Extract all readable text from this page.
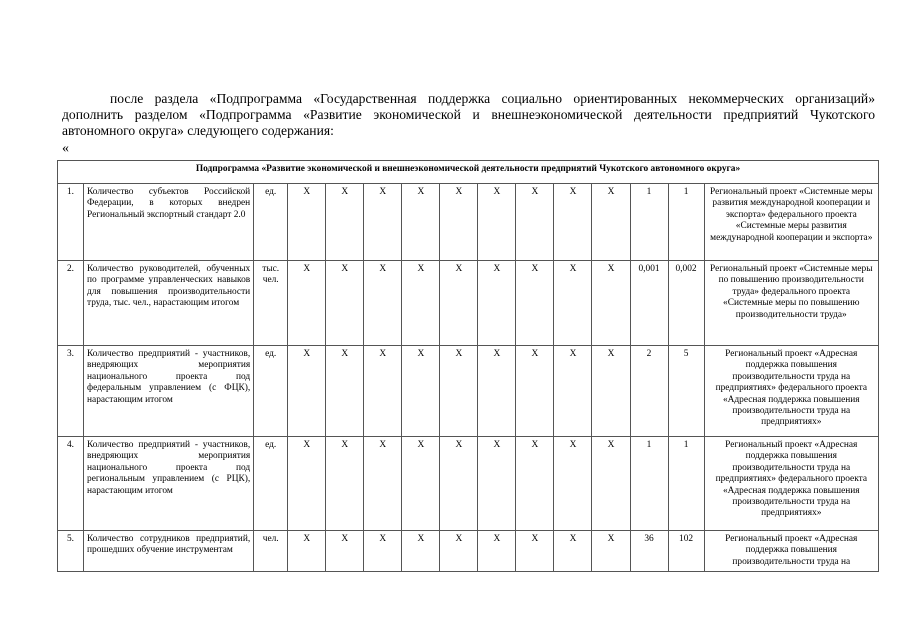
после раздела «Подпрограмма «Государственная поддержка социально ориентированных некоммерческих организаций» дополнить разделом «Подпрограмма «Развитие экономической и внешнеэкономической деятельности предприятий Чукотского автономного округа» следующего содержания:

«
Подпрограмма «Развитие экономической и внешнеэкономической деятельности предприятий Чукотского автономного округа»														
1.	Количество субъектов Российской Федерации, в которых внедрен Региональный экспортный стандарт 2.0	ед.	X	X	X	X	X	X	X	X	X	1	1	Региональный проект «Системные меры развития международной кооперации и экспорта» федерального проекта «Системные меры развития международной кооперации и экспорта»
2.	Количество руководителей, обученных по программе управленческих навыков для повышения производительности труда, тыс. чел., нарастающим итогом	тыс. чел.	X	X	X	X	X	X	X	X	X	0,001	0,002	Региональный проект «Системные меры по повышению производительности труда» федерального проекта «Системные меры по повышению производительности труда»
3.	Количество предприятий - участников, внедряющих мероприятия национального проекта под федеральным управлением (с ФЦК), нарастающим итогом	ед.	X	X	X	X	X	X	X	X	X	2	5	Региональный проект «Адресная поддержка повышения производительности труда на предприятиях» федерального проекта «Адресная поддержка повышения производительности труда на предприятиях»
4.	Количество предприятий - участников, внедряющих мероприятия национального проекта под региональным управлением (с РЦК), нарастающим итогом	ед.	X	X	X	X	X	X	X	X	X	1	1	Региональный проект «Адресная поддержка повышения производительности труда на предприятиях» федерального проекта «Адресная поддержка повышения производительности труда на предприятиях»
5.	Количество сотрудников предприятий, прошедших обучение инструментам	чел.	X	X	X	X	X	X	X	X	X	36	102	Региональный проект «Адресная поддержка повышения производительности труда на
